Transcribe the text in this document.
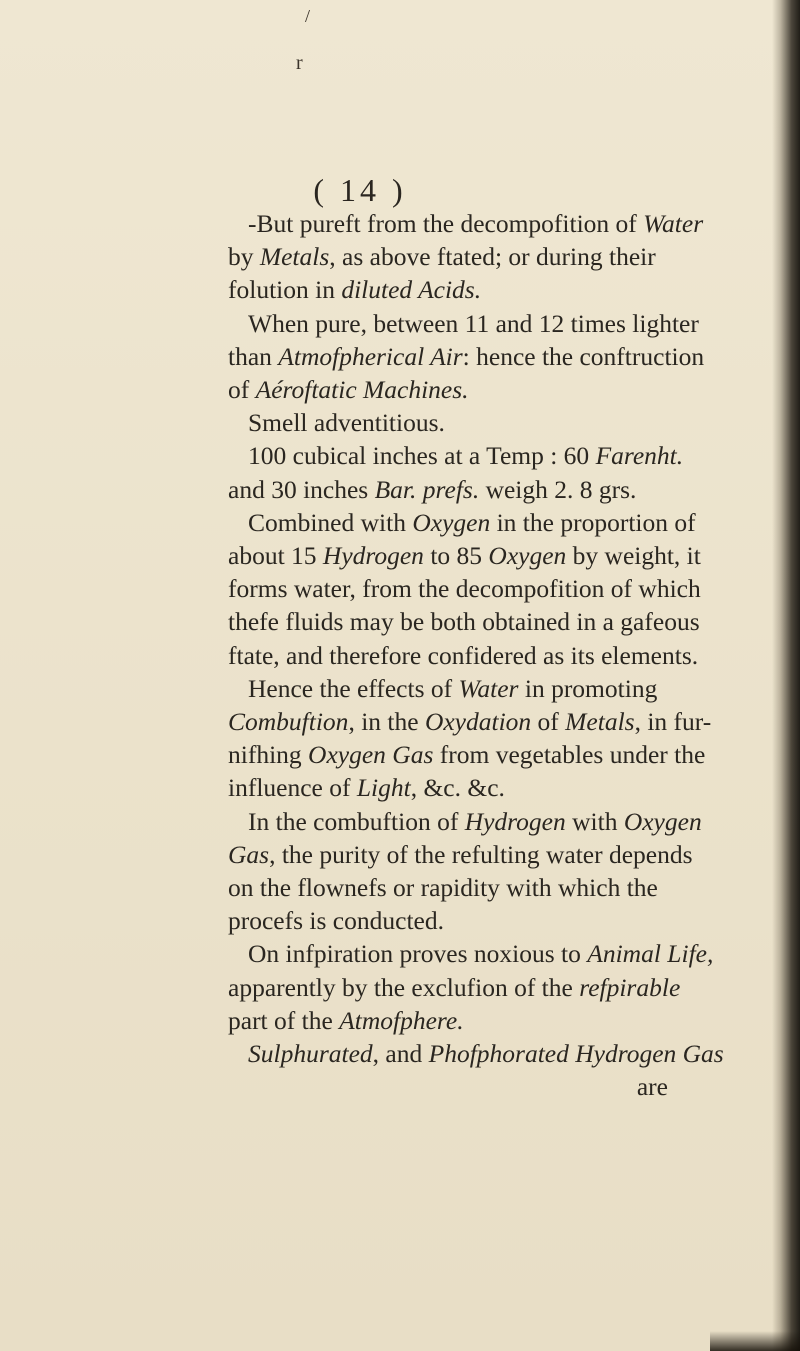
/
r
( 14 )
-But pureft from the decompofition of Water
by Metals, as above ftated; or during their
folution in diluted Acids.
When pure, between 11 and 12 times lighter
than Atmofpherical Air: hence the conftruction
of Aéroftatic Machines.
Smell adventitious.
100 cubical inches at a Temp : 60 Farenht.
and 30 inches Bar. prefs. weigh 2. 8 grs.
Combined with Oxygen in the proportion of
about 15 Hydrogen to 85 Oxygen by weight, it
forms water, from the decompofition of which
thefe fluids may be both obtained in a gafeous
ftate, and therefore confidered as its elements.
Hence the effects of Water in promoting
Combuftion, in the Oxydation of Metals, in fur-
nifhing Oxygen Gas from vegetables under the
influence of Light, &c. &c.
In the combuftion of Hydrogen with Oxygen
Gas, the purity of the refulting water depends
on the flownefs or rapidity with which the
procefs is conducted.
On infpiration proves noxious to Animal Life,
apparently by the exclufion of the refpirable
part of the Atmofphere.
Sulphurated, and Phofphorated Hydrogen Gas
are
